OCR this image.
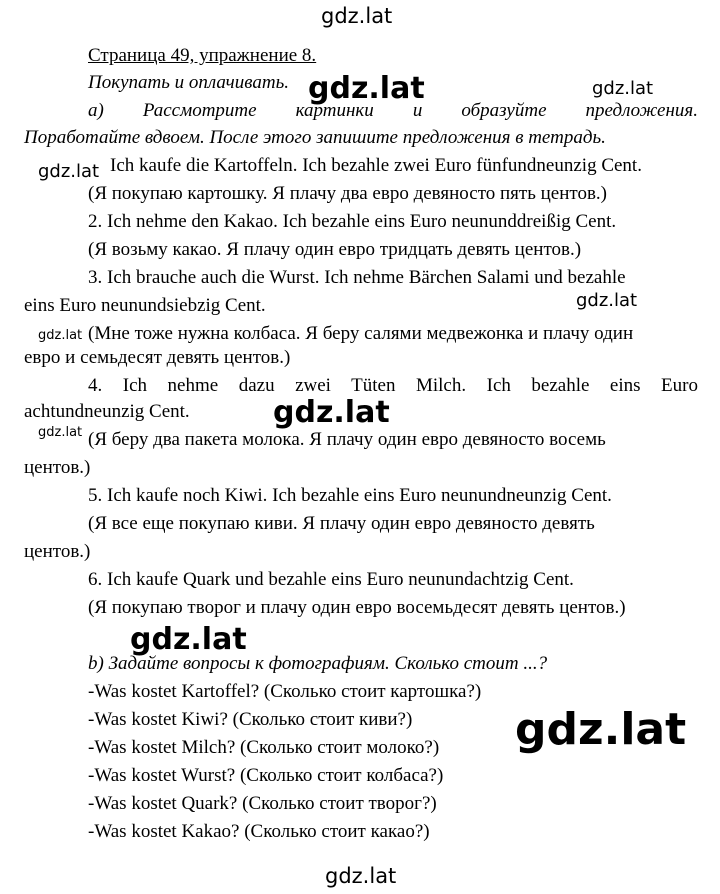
gdz.lat
Страница 49, упражнение 8.
Покупать и оплачивать. gdz.lat	gdz.lat
а) Рассмотрите картинки и образуйте предложения.
Поработайте вдвоем. После этого запишите предложения в тетрадь.
gdz.lat Ich kaufe die Kartoffeln. Ich bezahle zwei Euro fünfundneunzig Cent.
(Я покупаю картошку. Я плачу два евро девяносто пять центов.)
2. Ich nehme den Kakao. Ich bezahle eins Euro neununddreißig Cent.
(Я возьму какао. Я плачу один евро тридцать девять центов.)
3. Ich brauche auch die Wurst. Ich nehme Bärchen Salami und bezahle
eins Euro neunundsiebzig Cent.	gdz.lat
gdz.lat (Мне тоже нужна колбаса. Я беру салями медвежонка и плачу один
евро и семьдесят девять центов.)
4. Ich nehme dazu zwei Tüten Milch. Ich bezahle eins Euro
achtundneunzig Cent.	gdz.lat
gdz.lat (Я беру два пакета молока. Я плачу один евро девяносто восемь
центов.)
5. Ich kaufe noch Kiwi. Ich bezahle eins Euro neunundneunzig Cent.
(Я все еще покупаю киви. Я плачу один евро девяносто девять
центов.)
6. Ich kaufe Quark und bezahle eins Euro neunundachtzig Cent.
(Я покупаю творог и плачу один евро восемьдесят девять центов.)
gdz.lat
b) Задайте вопросы к фотографиям. Сколько стоит ...?
-Was kostet Kartoffel? (Сколько стоит картошка?)
-Was kostet Kiwi? (Сколько стоит киви?)
-Was kostet Milch? (Сколько стоит молоко?)
-Was kostet Wurst? (Сколько стоит колбаса?)
-Was kostet Quark? (Сколько стоит творог?)
-Was kostet Kakao? (Сколько стоит какао?)
gdz.lat
gdz.lat
